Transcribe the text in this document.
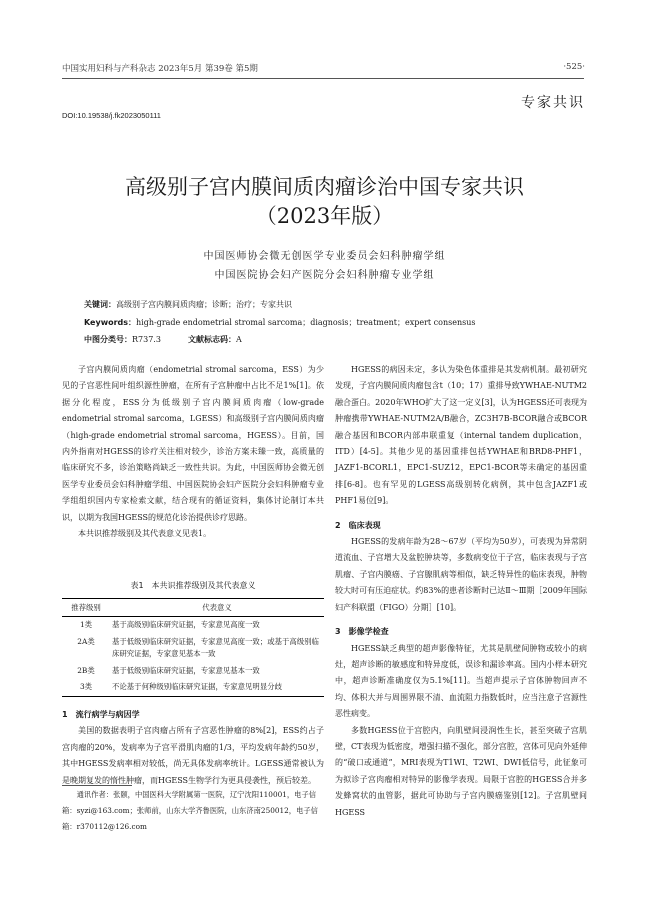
中国实用妇科与产科杂志 2023年5月 第39卷 第5期	·525·
专家共识
DOI:10.19538/j.fk2023050111
高级别子宫内膜间质肉瘤诊治中国专家共识
（2023年版）
中国医师协会微无创医学专业委员会妇科肿瘤学组
中国医院协会妇产医院分会妇科肿瘤专业学组
关键词：高级别子宫内膜间质肉瘤；诊断；治疗；专家共识
Keywords：high-grade endometrial stromal sarcoma；diagnosis；treatment；expert consensus
中图分类号：R737.3	文献标志码：A

子宫内膜间质肉瘤（endometrial stromal sarcoma，ESS）为少见的子宫恶性间叶组织源性肿瘤，在所有子宫肿瘤中占比不足1%[1]。依据分化程度，ESS分为低级别子宫内膜间质肉瘤（low-grade endometrial stromal sarcoma，LGESS）和高级别子宫内膜间质肉瘤（high-grade endometrial stromal sarcoma，HGESS）。目前，国内外指南对HGESS的诊疗关注相对较少，诊治方案未臻一致，高质量的临床研究不多，诊治策略尚缺乏一致性共识。为此，中国医师协会微无创医学专业委员会妇科肿瘤学组、中国医院协会妇产医院分会妇科肿瘤专业学组组织国内专家检索文献，结合现有的循证资料，集体讨论制订本共识，以期为我国HGESS的规范化诊治提供诊疗思路。

本共识推荐级别及其代表意义见表1。

表1　本共识推荐级别及其代表意义
推荐级别	代表意义
1类	基于高级别临床研究证据，专家意见高度一致
2A类	基于低级别临床研究证据，专家意见高度一致；或基于高级别临床研究证据，专家意见基本一致
2B类	基于低级别临床研究证据，专家意见基本一致
3类	不论基于何种级别临床研究证据，专家意见明显分歧
1　流行病学与病因学

美国的数据表明子宫肉瘤占所有子宫恶性肿瘤的8%[2]，ESS约占子宫肉瘤的20%，发病率为子宫平滑肌肉瘤的1/3，平均发病年龄约50岁，其中HGESS发病率相对较低，尚无具体发病率统计。LGESS通常被认为是晚期复发的惰性肿瘤，而HGESS生物学行为更具侵袭性，预后较差。

通讯作者：张颐，中国医科大学附属第一医院，辽宁沈阳110001，电子信箱：syzi@163.com；张师前，山东大学齐鲁医院，山东济南250012，电子信箱：r370112@126.com

HGESS的病因未定，多认为染色体重排是其发病机制。最初研究发现，子宫内膜间质肉瘤包含t（10；17）重排导致YWHAE-NUTM2融合蛋白。2020年WHO扩大了这一定义[3]，认为HGESS还可表现为肿瘤携带YWHAE-NUTM2A/B融合，ZC3H7B-BCOR融合或BCOR融合基因和BCOR内部串联重复（internal tandem duplication，ITD）[4-5]。其他少见的基因重排包括YWHAE和BRD8-PHF1，JAZF1-BCORL1，EPC1-SUZ12，EPC1-BCOR等未确定的基因重排[6-8]。也有罕见的LGESS高级别转化病例，其中包含JAZF1或PHF1易位[9]。

2　临床表现

HGESS的发病年龄为28～67岁（平均为50岁），可表现为异常阴道流血、子宫增大及盆腔肿块等，多数病变位于子宫，临床表现与子宫肌瘤、子宫内膜癌、子宫腺肌病等相似，缺乏特异性的临床表现，肿物较大时可有压迫症状。约83%的患者诊断时已达Ⅱ～Ⅲ期［2009年国际妇产科联盟（FIGO）分期］[10]。

3　影像学检查

HGESS缺乏典型的超声影像特征，尤其是肌壁间肿物或较小的病灶，超声诊断的敏感度和特异度低，误诊和漏诊率高。国内小样本研究中，超声诊断准确度仅为5.1%[11]。当超声提示子宫体肿物回声不均、体积大并与周围界限不清、血流阻力指数低时，应当注意子宫源性恶性病变。

多数HGESS位于宫腔内，向肌壁间浸润性生长，甚至突破子宫肌壁，CT表现为低密度，增强扫描不强化，部分宫腔，宫体可见向外延伸的“破口或通道”，MRI表现为T1WI、T2WI、DWI低信号，此征象可为拟诊子宫肉瘤相对特异的影像学表现。局限于宫腔的HGESS合并多发蜂窝状的血管影，据此可协助与子宫内膜癌鉴别[12]。子宫肌壁间HGESS
